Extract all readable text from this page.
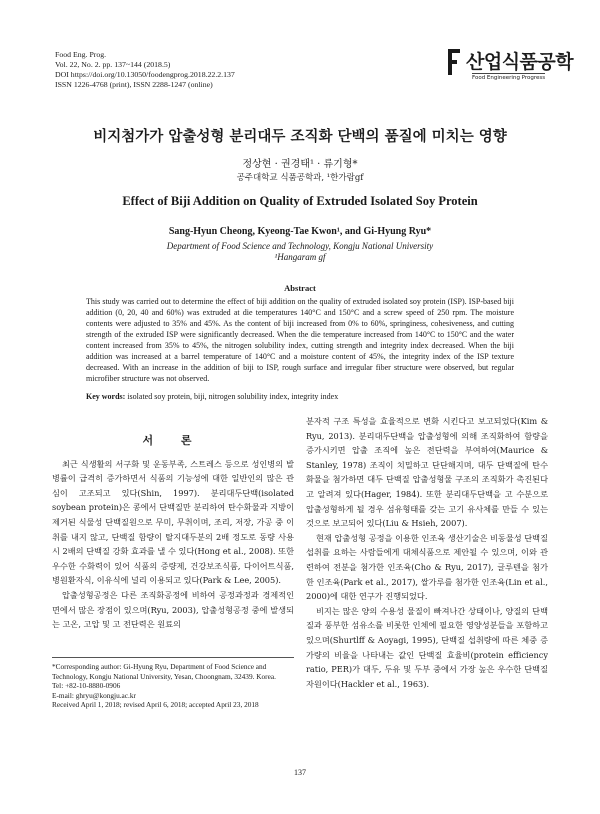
Food Eng. Prog.
Vol. 22, No. 2. pp. 137~144 (2018.5)
DOI https://doi.org/10.13050/foodengprog.2018.22.2.137
ISSN 1226-4768 (print), ISSN 2288-1247 (online)
산업식품공학
Food Engineering Progress
비지첨가가 압출성형 분리대두 조직화 단백의 품질에 미치는 영향
정상현 · 권경태¹ · 류기형*
공주대학교 식품공학과, ¹한가람gf
Effect of Biji Addition on Quality of Extruded Isolated Soy Protein
Sang-Hyun Cheong, Kyeong-Tae Kwon¹, and Gi-Hyung Ryu*
Department of Food Science and Technology, Kongju National University
¹Hangaram gf
Abstract
This study was carried out to determine the effect of biji addition on the quality of extruded isolated soy protein (ISP). ISP-based biji addition (0, 20, 40 and 60%) was extruded at die temperatures 140°C and 150°C and a screw speed of 250 rpm. The moisture contents were adjusted to 35% and 45%. As the content of biji increased from 0% to 60%, springiness, cohesiveness, and cutting strength of the extruded ISP were significantly decreased. When the die temperature increased from 140°C to 150°C and the water content increased from 35% to 45%, the nitrogen solubility index, cutting strength and integrity index decreased. When the biji addition was increased at a barrel temperature of 140°C and a moisture content of 45%, the integrity index of the ISP texture decreased. With an increase in the addition of biji to ISP, rough surface and irregular fiber structure were observed, but regular microfiber structure was not observed.
Key words: isolated soy protein, biji, nitrogen solubility index, integrity index
서 론

최근 식생활의 서구화 및 운동부족, 스트레스 등으로 성인병의 발병률이 급격히 증가하면서 식품의 기능성에 대한 일반인의 많은 관심이 고조되고 있다(Shin, 1997). 분리대두단백(isolated soybean protein)은 콩에서 단백질만 분리하여 탄수화물과 지방이 제거된 식물성 단백질원으로 무미, 무취이며, 조리, 저장, 가공 중 이취를 내지 않고, 단백질 함량이 탈지대두분의 2배 정도로 동량 사용 시 2배의 단백질 강화 효과를 낼 수 있다(Hong et al., 2008). 또한 우수한 수화력이 있어 식품의 증량제, 건강보조식품, 다이어트식품, 병원환자식, 이유식에 널리 이용되고 있다(Park & Lee, 2005).

압출성형공정은 다른 조직화공정에 비하여 공정과정과 경제적인 면에서 많은 장점이 있으며(Ryu, 2003), 압출성형공정 중에 발생되는 고온, 고압 및 고 전단력은 원료의

분자적 구조 특성을 효율적으로 변화 시킨다고 보고되었다(Kim & Ryu, 2013). 분리대두단백을 압출성형에 의해 조직화하여 함량을 증가시키면 압출 조직에 높은 전단력을 부여하여(Maurice & Stanley, 1978) 조직이 치밀하고 단단해지며, 대두 단백질에 탄수화물을 첨가하면 대두 단백질 압출성형물 구조의 조직화가 촉진된다고 알려져 있다(Hager, 1984). 또한 분리대두단백을 고 수분으로 압출성형하게 될 경우 섬유형태를 갖는 고기 유사체를 만들 수 있는 것으로 보고되어 있다(Liu & Hsieh, 2007).

현재 압출성형 공정을 이용한 인조육 생산기술은 비동물성 단백질 섭취를 요하는 사람들에게 대체식품으로 제안될 수 있으며, 이와 관련하여 전분을 첨가한 인조육(Cho & Ryu, 2017), 글루텐을 첨가한 인조육(Park et al., 2017), 쌀가루를 첨가한 인조육(Lin et al., 2000)에 대한 연구가 진행되었다.

비지는 많은 양의 수용성 물질이 빠져나간 상태이나, 양질의 단백질과 풍부한 섬유소를 비롯한 인체에 필요한 영양성분들을 포함하고 있으며(Shurtlff & Aoyagi, 1995), 단백질 섭취량에 따른 체중 증가량의 비율을 나타내는 값인 단백질 효율비(protein efficiency ratio, PER)가 대두, 두유 및 두부 중에서 가장 높은 우수한 단백질 자원이다(Hackler et al., 1963).

*Corresponding author: Gi-Hyung Ryu, Department of Food Science and Technology, Kongju National University, Yesan, Choongnam, 32439. Korea.
Tel: +82-10-8880-0906
E-mail: ghryu@kongju.ac.kr
Received April 1, 2018; revised April 6, 2018; accepted April 23, 2018
137
